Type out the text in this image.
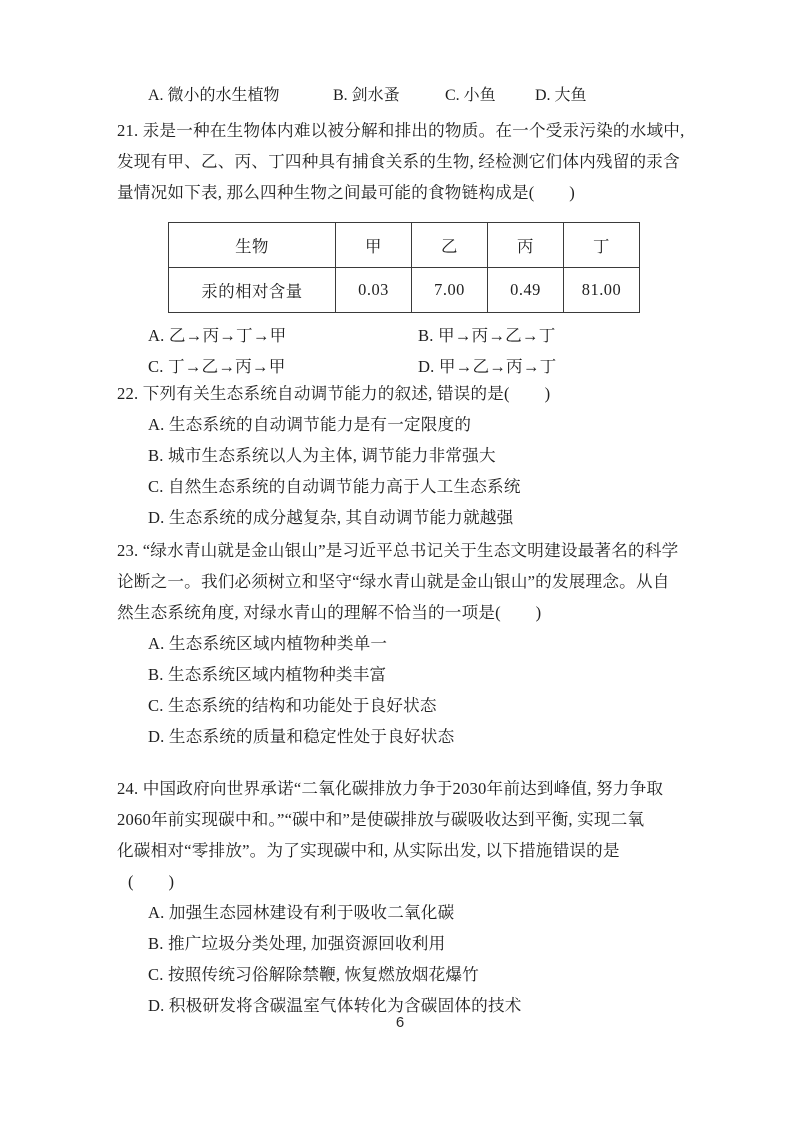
A. 微小的水生植物	B. 剑水蚤	C. 小鱼 D. 大鱼
21. 汞是一种在生物体内难以被分解和排出的物质。在一个受汞污染的水域中,
发现有甲、乙、丙、丁四种具有捕食关系的生物, 经检测它们体内残留的汞含
量情况如下表, 那么四种生物之间最可能的食物链构成是(        )
生物	甲	乙	丙	丁
汞的相对含量	0.03	7.00	0.49	81.00

A. 乙→丙→丁→甲

	B. 甲→丙→乙→丁

C. 丁→乙→丙→甲

	D. 甲→乙→丙→丁

22. 下列有关生态系统自动调节能力的叙述, 错误的是(        )
A. 生态系统的自动调节能力是有一定限度的
B. 城市生态系统以人为主体, 调节能力非常强大
C. 自然生态系统的自动调节能力高于人工生态系统
D. 生态系统的成分越复杂, 其自动调节能力就越强
23. “绿水青山就是金山银山”是习近平总书记关于生态文明建设最著名的科学
论断之一。我们必须树立和坚守“绿水青山就是金山银山”的发展理念。从自
然生态系统角度, 对绿水青山的理解不恰当的一项是(        )
A. 生态系统区域内植物种类单一
B. 生态系统区域内植物种类丰富
C. 生态系统的结构和功能处于良好状态
D. 生态系统的质量和稳定性处于良好状态
24. 中国政府向世界承诺“二氧化碳排放力争于2030年前达到峰值, 努力争取
2060年前实现碳中和。”“碳中和”是使碳排放与碳吸收达到平衡, 实现二氧
化碳相对“零排放”。为了实现碳中和, 从实际出发, 以下措施错误的是
(        )
A. 加强生态园林建设有利于吸收二氧化碳
B. 推广垃圾分类处理, 加强资源回收利用
C. 按照传统习俗解除禁鞭, 恢复燃放烟花爆竹
D. 积极研发将含碳温室气体转化为含碳固体的技术
6
